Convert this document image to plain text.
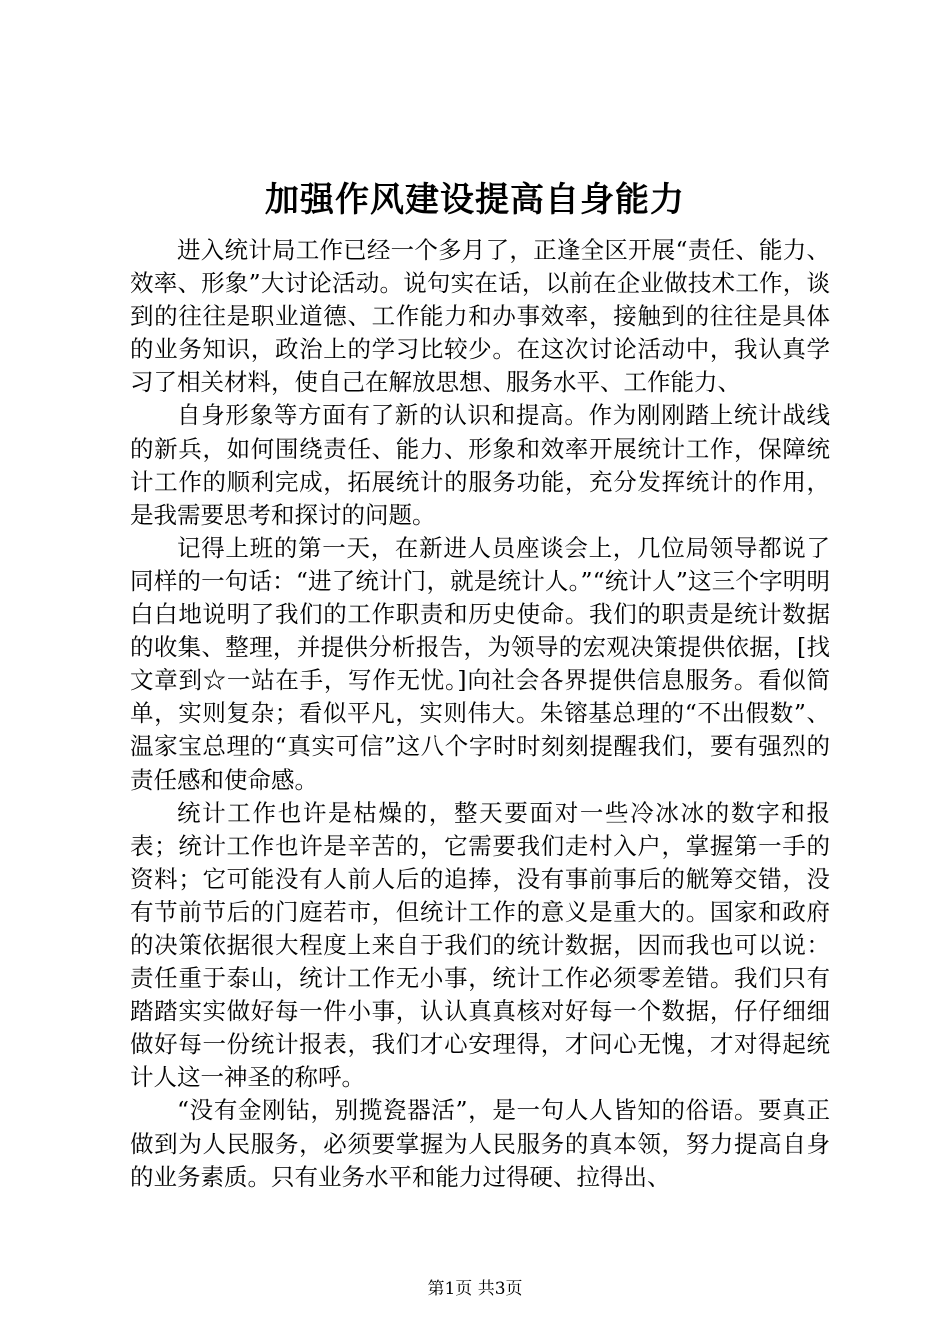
加强作风建设提高自身能力

进入统计局工作已经一个多月了，正逢全区开展“责任、能力、效率、形象”大讨论活动。说句实在话，以前在企业做技术工作，谈到的往往是职业道德、工作能力和办事效率，接触到的往往是具体的业务知识，政治上的学习比较少。在这次讨论活动中，我认真学习了相关材料，使自己在解放思想、服务水平、工作能力、

自身形象等方面有了新的认识和提高。作为刚刚踏上统计战线的新兵，如何围绕责任、能力、形象和效率开展统计工作，保障统计工作的顺利完成，拓展统计的服务功能，充分发挥统计的作用，是我需要思考和探讨的问题。

记得上班的第一天，在新进人员座谈会上，几位局领导都说了同样的一句话：“进了统计门，就是统计人。”“统计人”这三个字明明白白地说明了我们的工作职责和历史使命。我们的职责是统计数据的收集、整理，并提供分析报告，为领导的宏观决策提供依据，[找文章到☆一站在手，写作无忧。]向社会各界提供信息服务。看似简单，实则复杂；看似平凡，实则伟大。朱镕基总理的“不出假数”、温家宝总理的“真实可信”这八个字时时刻刻提醒我们，要有强烈的责任感和使命感。

统计工作也许是枯燥的，整天要面对一些冷冰冰的数字和报表；统计工作也许是辛苦的，它需要我们走村入户，掌握第一手的资料；它可能没有人前人后的追捧，没有事前事后的觥筹交错，没有节前节后的门庭若市，但统计工作的意义是重大的。国家和政府的决策依据很大程度上来自于我们的统计数据，因而我也可以说：责任重于泰山，统计工作无小事，统计工作必须零差错。我们只有踏踏实实做好每一件小事，认认真真核对好每一个数据，仔仔细细做好每一份统计报表，我们才心安理得，才问心无愧，才对得起统计人这一神圣的称呼。

“没有金刚钻，别揽瓷器活”，是一句人人皆知的俗语。要真正做到为人民服务，必须要掌握为人民服务的真本领，努力提高自身的业务素质。只有业务水平和能力过得硬、拉得出、

第1页 共3页
